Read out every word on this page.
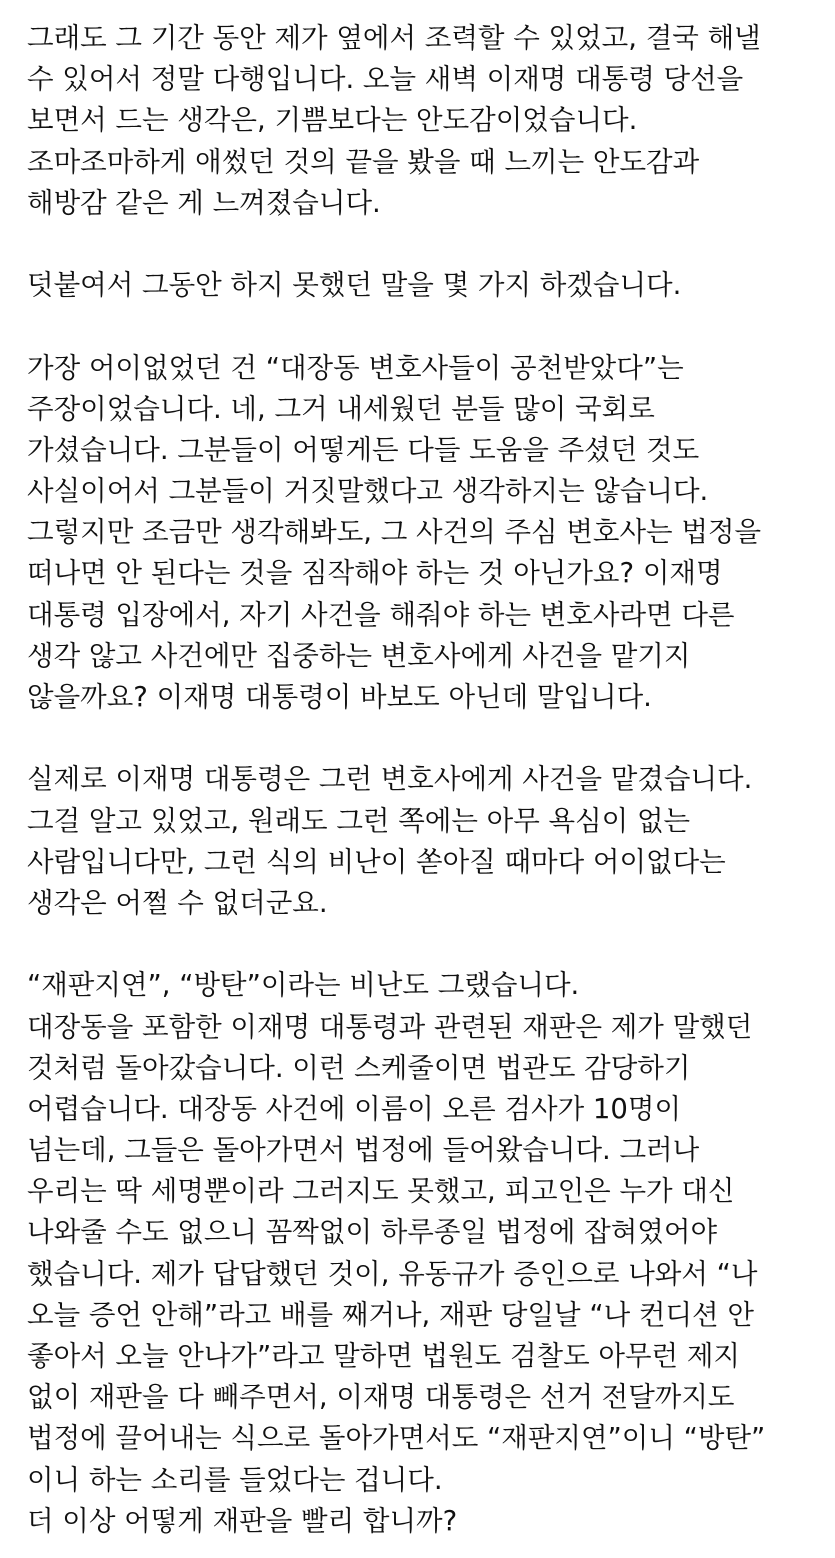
그래도 그 기간 동안 제가 옆에서 조력할 수 있었고, 결국 해낼
수 있어서 정말 다행입니다. 오늘 새벽 이재명 대통령 당선을
보면서 드는 생각은, 기쁨보다는 안도감이었습니다.
조마조마하게 애썼던 것의 끝을 봤을 때 느끼는 안도감과
해방감 같은 게 느껴졌습니다.
덧붙여서 그동안 하지 못했던 말을 몇 가지 하겠습니다.
가장 어이없었던 건 “대장동 변호사들이 공천받았다”는
주장이었습니다. 네, 그거 내세웠던 분들 많이 국회로
가셨습니다. 그분들이 어떻게든 다들 도움을 주셨던 것도
사실이어서 그분들이 거짓말했다고 생각하지는 않습니다.
그렇지만 조금만 생각해봐도, 그 사건의 주심 변호사는 법정을
떠나면 안 된다는 것을 짐작해야 하는 것 아닌가요? 이재명
대통령 입장에서, 자기 사건을 해줘야 하는 변호사라면 다른
생각 않고 사건에만 집중하는 변호사에게 사건을 맡기지
않을까요? 이재명 대통령이 바보도 아닌데 말입니다.
실제로 이재명 대통령은 그런 변호사에게 사건을 맡겼습니다.
그걸 알고 있었고, 원래도 그런 쪽에는 아무 욕심이 없는
사람입니다만, 그런 식의 비난이 쏟아질 때마다 어이없다는
생각은 어쩔 수 없더군요.
“재판지연”, “방탄”이라는 비난도 그랬습니다.
대장동을 포함한 이재명 대통령과 관련된 재판은 제가 말했던
것처럼 돌아갔습니다. 이런 스케줄이면 법관도 감당하기
어렵습니다. 대장동 사건에 이름이 오른 검사가 10명이
넘는데, 그들은 돌아가면서 법정에 들어왔습니다. 그러나
우리는 딱 세명뿐이라 그러지도 못했고, 피고인은 누가 대신
나와줄 수도 없으니 꼼짝없이 하루종일 법정에 잡혀였어야
했습니다. 제가 답답했던 것이, 유동규가 증인으로 나와서 “나
오늘 증언 안해”라고 배를 째거나, 재판 당일날 “나 컨디션 안
좋아서 오늘 안나가”라고 말하면 법원도 검찰도 아무런 제지
없이 재판을 다 빼주면서, 이재명 대통령은 선거 전달까지도
법정에 끌어내는 식으로 돌아가면서도 “재판지연”이니 “방탄”
이니 하는 소리를 들었다는 겁니다.
더 이상 어떻게 재판을 빨리 합니까?
